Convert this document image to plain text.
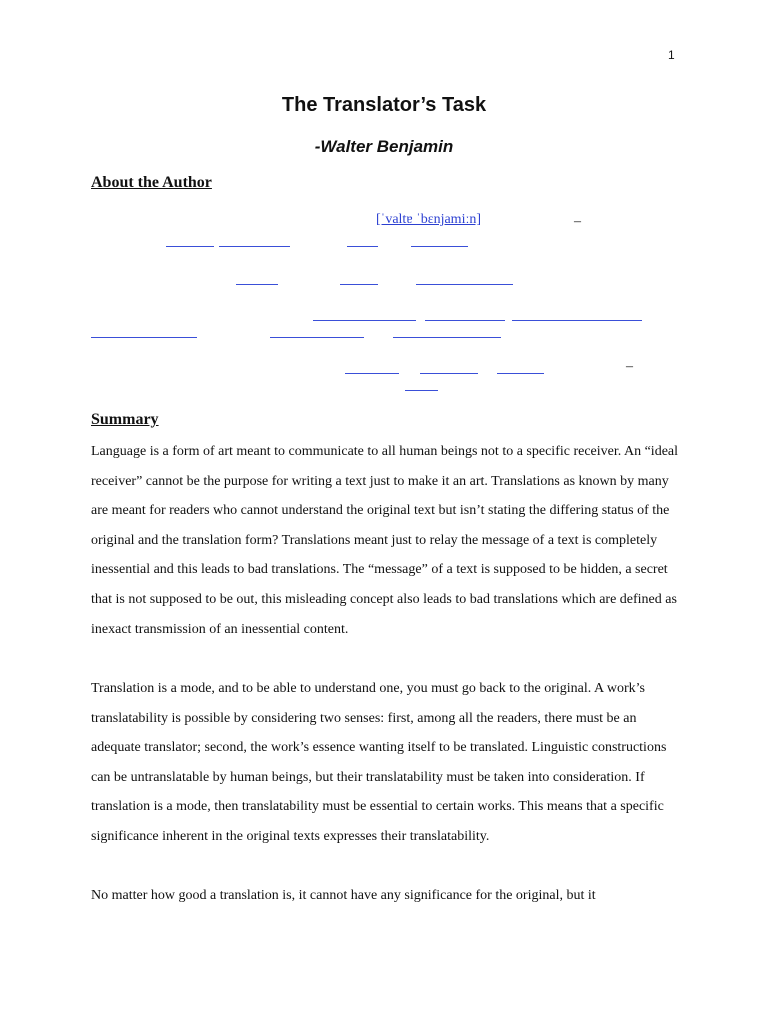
1
The Translator’s Task
-Walter Benjamin
About the Author
[ˈvaltɐ ˈbɛnjamiːn]	–
–
Summary

Language is a form of art meant to communicate to all human beings not to a specific receiver. An “ideal receiver” cannot be the purpose for writing a text just to make it an art. Translations as known by many are meant for readers who cannot understand the original text but isn’t stating the differing status of the original and the translation form? Translations meant just to relay the message of a text is completely inessential and this leads to bad translations. The “message” of a text is supposed to be hidden, a secret that is not supposed to be out, this misleading concept also leads to bad translations which are defined as inexact transmission of an inessential content.

Translation is a mode, and to be able to understand one, you must go back to the original. A work’s translatability is possible by considering two senses: first, among all the readers, there must be an adequate translator; second, the work’s essence wanting itself to be translated. Linguistic constructions can be untranslatable by human beings, but their translatability must be taken into consideration. If translation is a mode, then translatability must be essential to certain works. This means that a specific significance inherent in the original texts expresses their translatability.

No matter how good a translation is, it cannot have any significance for the original, but it
